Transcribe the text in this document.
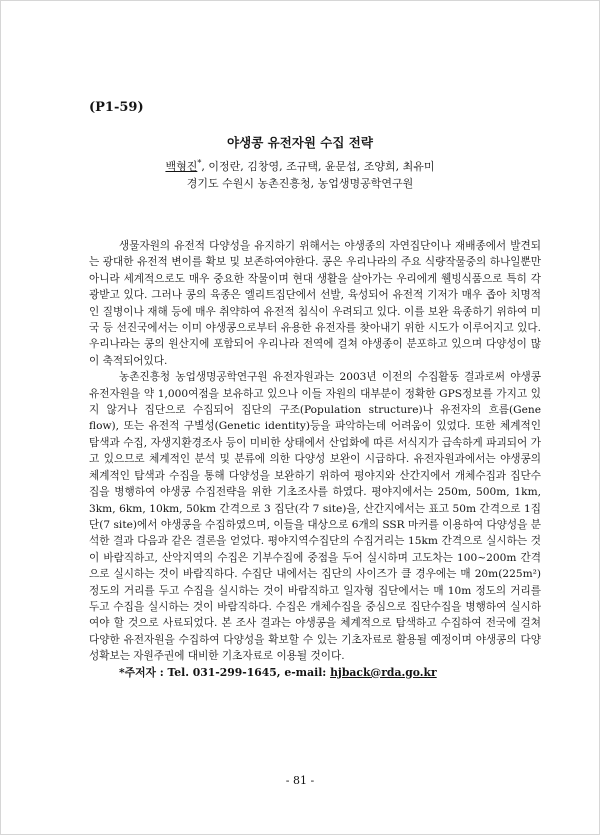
(P1-59)
야생콩 유전자원 수집 전략
백형진*, 이정란, 김창영, 조규택, 윤문섭, 조양희, 최유미
경기도 수원시 농촌진흥청, 농업생명공학연구원

생물자원의 유전적 다양성을 유지하기 위해서는 야생종의 자연집단이나 재배종에서 발견되는 광대한 유전적 변이를 확보 및 보존하여야한다. 콩은 우리나라의 주요 식량작물중의 하나일뿐만 아니라 세계적으로도 매우 중요한 작물이며 현대 생활을 살아가는 우리에게 웰빙식품으로 특히 각광받고 있다. 그러나 콩의 육종은 엘리트집단에서 선발, 육성되어 유전적 기저가 매우 좁아 치명적인 질병이나 재해 등에 매우 취약하여 유전적 침식이 우려되고 있다. 이를 보완 육종하기 위하여 미국 등 선진국에서는 이미 야생콩으로부터 유용한 유전자를 찾아내기 위한 시도가 이루어지고 있다. 우리나라는 콩의 원산지에 포함되어 우리나라 전역에 걸쳐 야생종이 분포하고 있으며 다양성이 많이 축적되어있다.

농촌진흥청 농업생명공학연구원 유전자원과는 2003년 이전의 수집활동 결과로써 야생콩 유전자원을 약 1,000여점을 보유하고 있으나 이들 자원의 대부분이 정확한 GPS정보를 가지고 있지 않거나 집단으로 수집되어 집단의 구조(Population structure)나 유전자의 흐름(Gene flow), 또는 유전적 구별성(Genetic identity)등을 파악하는데 어려움이 있었다. 또한 체계적인 탐색과 수집, 자생지환경조사 등이 미비한 상태에서 산업화에 따른 서식지가 급속하게 파괴되어 가고 있으므로 체계적인 분석 및 분류에 의한 다양성 보완이 시급하다. 유전자원과에서는 야생콩의 체계적인 탐색과 수집을 통해 다양성을 보완하기 위하여 평야지와 산간지에서 개체수집과 집단수집을 병행하여 야생콩 수집전략을 위한 기초조사를 하였다. 평야지에서는 250m, 500m, 1km, 3km, 6km, 10km, 50km 간격으로 3 집단(각 7 site)을, 산간지에서는 표고 50m 간격으로 1집단(7 site)에서 야생콩을 수집하였으며, 이들을 대상으로 6개의 SSR 마커를 이용하여 다양성을 분석한 결과 다음과 같은 결론을 얻었다. 평야지역수집단의 수집거리는 15km 간격으로 실시하는 것이 바람직하고, 산악지역의 수집은 기부수집에 중점을 두어 실시하며 고도차는 100~200m 간격으로 실시하는 것이 바람직하다. 수집단 내에서는 집단의 사이즈가 클 경우에는 매 20m(225m²)정도의 거리를 두고 수집을 실시하는 것이 바람직하고 일자형 집단에서는 매 10m 정도의 거리를 두고 수집을 실시하는 것이 바람직하다. 수집은 개체수집을 중심으로 집단수집을 병행하여 실시하여야 할 것으로 사료되었다. 본 조사 결과는 야생콩을 체계적으로 탐색하고 수집하여 전국에 걸쳐 다양한 유전자원을 수집하여 다양성을 확보할 수 있는 기초자료로 활용될 예정이며 야생콩의 다양성확보는 자원주권에 대비한 기초자료로 이용될 것이다.

*주저자 : Tel. 031-299-1645, e-mail: hjback@rda.go.kr

- 81 -
